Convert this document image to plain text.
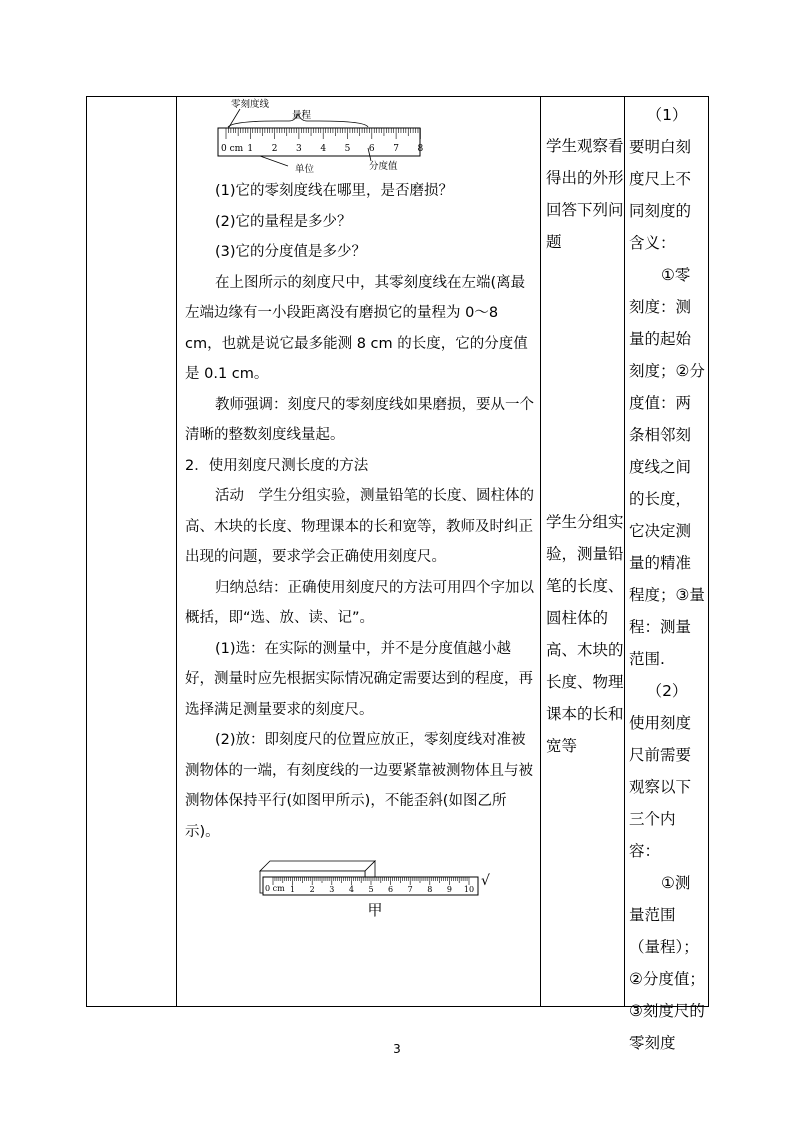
零刻度线
量程
0 cm 1 2 3 4 5 6 7 8
单位	分度值

(1)它的零刻度线在哪里，是否磨损？

(2)它的量程是多少？

(3)它的分度值是多少？

在上图所示的刻度尺中，其零刻度线在左端(离最左端边缘有一小段距离没有磨损它的量程为 0～8 cm，也就是说它最多能测 8 cm 的长度，它的分度值是 0.1 cm。

教师强调：刻度尺的零刻度线如果磨损，要从一个清晰的整数刻度线量起。

2．使用刻度尺测长度的方法

活动　学生分组实验，测量铅笔的长度、圆柱体的高、木块的长度、物理课本的长和宽等，教师及时纠正出现的问题，要求学会正确使用刻度尺。

归纳总结：正确使用刻度尺的方法可用四个字加以概括，即“选、放、读、记”。

(1)选：在实际的测量中，并不是分度值越小越好，测量时应先根据实际情况确定需要达到的程度，再选择满足测量要求的刻度尺。

(2)放：即刻度尺的位置应放正，零刻度线对准被测物体的一端，有刻度线的一边要紧靠被测物体且与被测物体保持平行(如图甲所示)，不能歪斜(如图乙所示)。

0 cm 1 2 3 4 5 6 7 8 9 10
√
甲

学生观察看得出的外形回答下列问题

学生分组实验，测量铅笔的长度、圆柱体的高、木块的长度、物理课本的长和宽等

（1）

要明白刻度尺上不同刻度的含义：

①零刻度：测量的起始刻度；②分度值：两条相邻刻度线之间的长度，它决定测量的精准程度；③量程：测量范围.

（2）

使用刻度尺前需要观察以下三个内容：

①测量范围（量程）；②分度值；③刻度尺的零刻度

3
